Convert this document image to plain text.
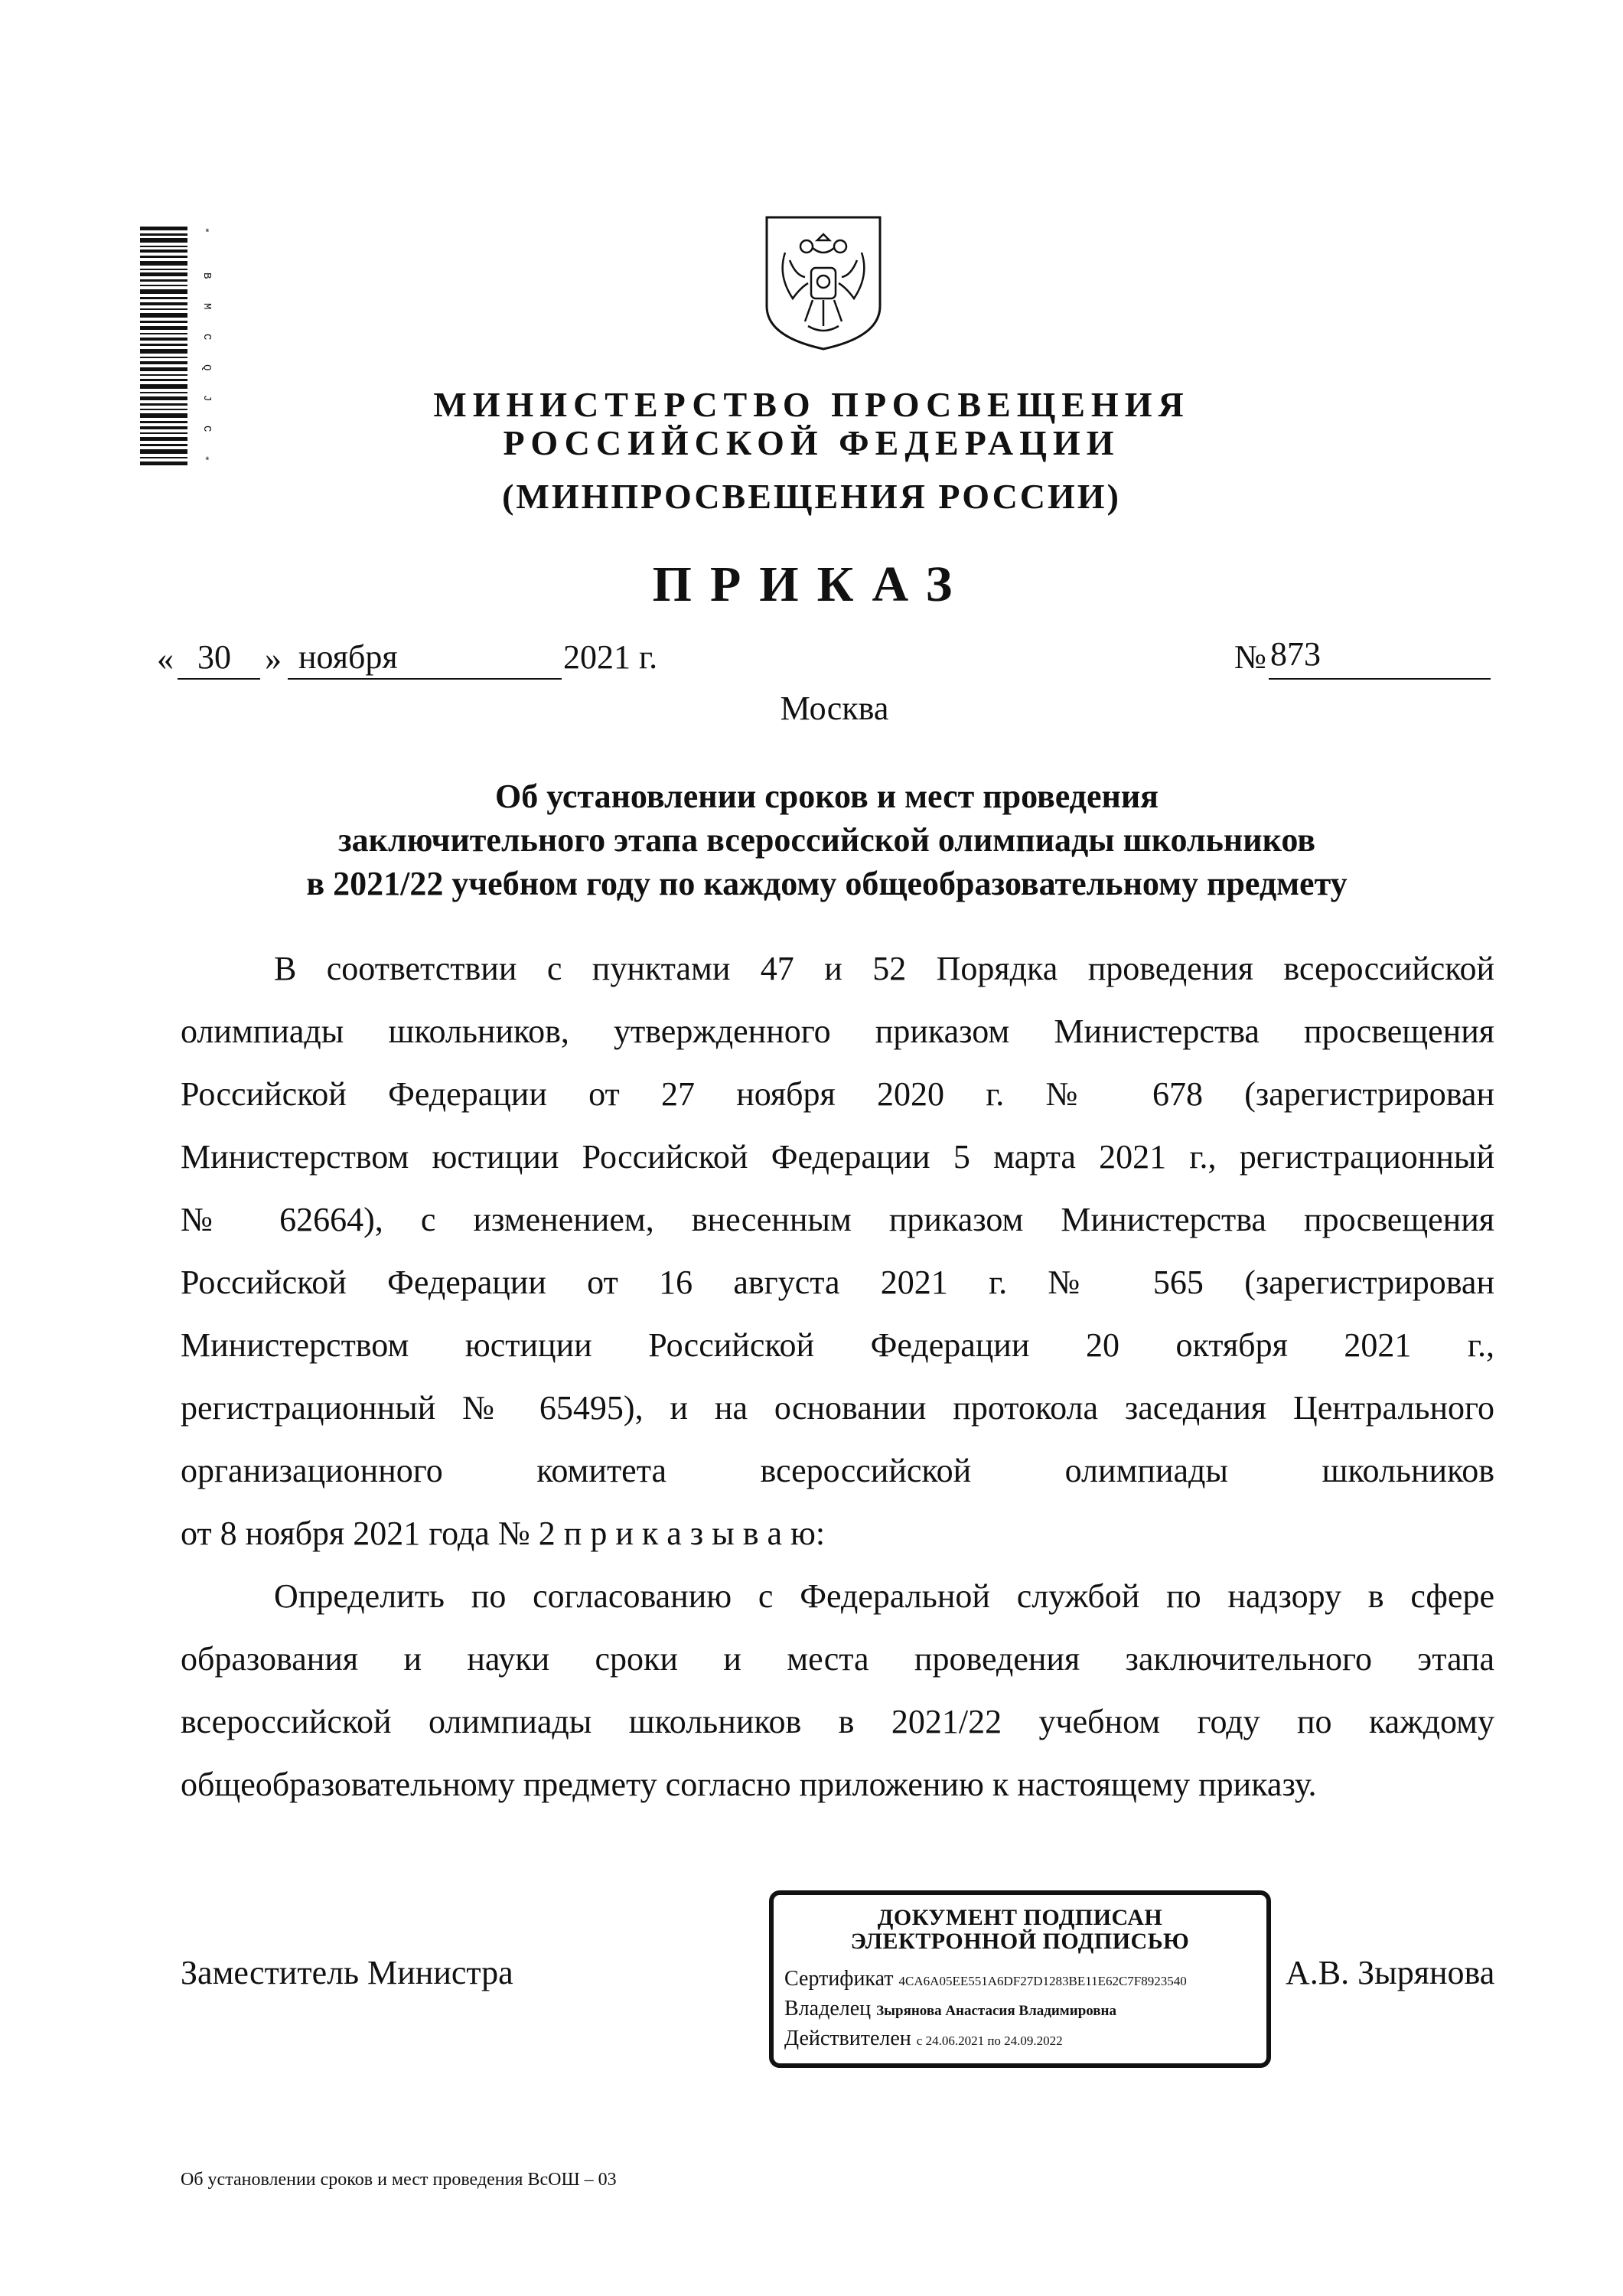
*
B
M
C
Q
J
C
*
МИНИСТЕРСТВО ПРОСВЕЩЕНИЯ
РОССИЙСКОЙ ФЕДЕРАЦИИ
(МИНПРОСВЕЩЕНИЯ РОССИИ)
ПРИКАЗ
« 30 » ноября	2021 г.	№ 873
Москва
Об установлении сроков и мест проведения
заключительного этапа всероссийской олимпиады школьников
в 2021/22 учебном году по каждому общеобразовательному предмету
В соответствии с пунктами 47 и 52 Порядка проведения всероссийской
олимпиады школьников, утвержденного приказом Министерства просвещения
Российской Федерации от 27 ноября 2020 г. № 678 (зарегистрирован
Министерством юстиции Российской Федерации 5 марта 2021 г., регистрационный
№ 62664), с изменением, внесенным приказом Министерства просвещения
Российской Федерации от 16 августа 2021 г. № 565 (зарегистрирован
Министерством юстиции Российской Федерации 20 октября 2021 г.,
регистрационный № 65495), и на основании протокола заседания Центрального
организационного комитета всероссийской олимпиады школьников
от 8 ноября 2021 года № 2 п р и к а з ы в а ю:
Определить по согласованию с Федеральной службой по надзору в сфере
образования и науки сроки и места проведения заключительного этапа
всероссийской олимпиады школьников в 2021/22 учебном году по каждому
общеобразовательному предмету согласно приложению к настоящему приказу.
Заместитель Министра	А.В. Зырянова
ДОКУМЕНТ ПОДПИСАН
ЭЛЕКТРОННОЙ ПОДПИСЬЮ
Сертификат 4CA6A05EE551A6DF27D1283BE11E62C7F8923540
Владелец Зырянова Анастасия Владимировна
Действителен с 24.06.2021 по 24.09.2022
Об установлении сроков и мест проведения ВсОШ – 03
